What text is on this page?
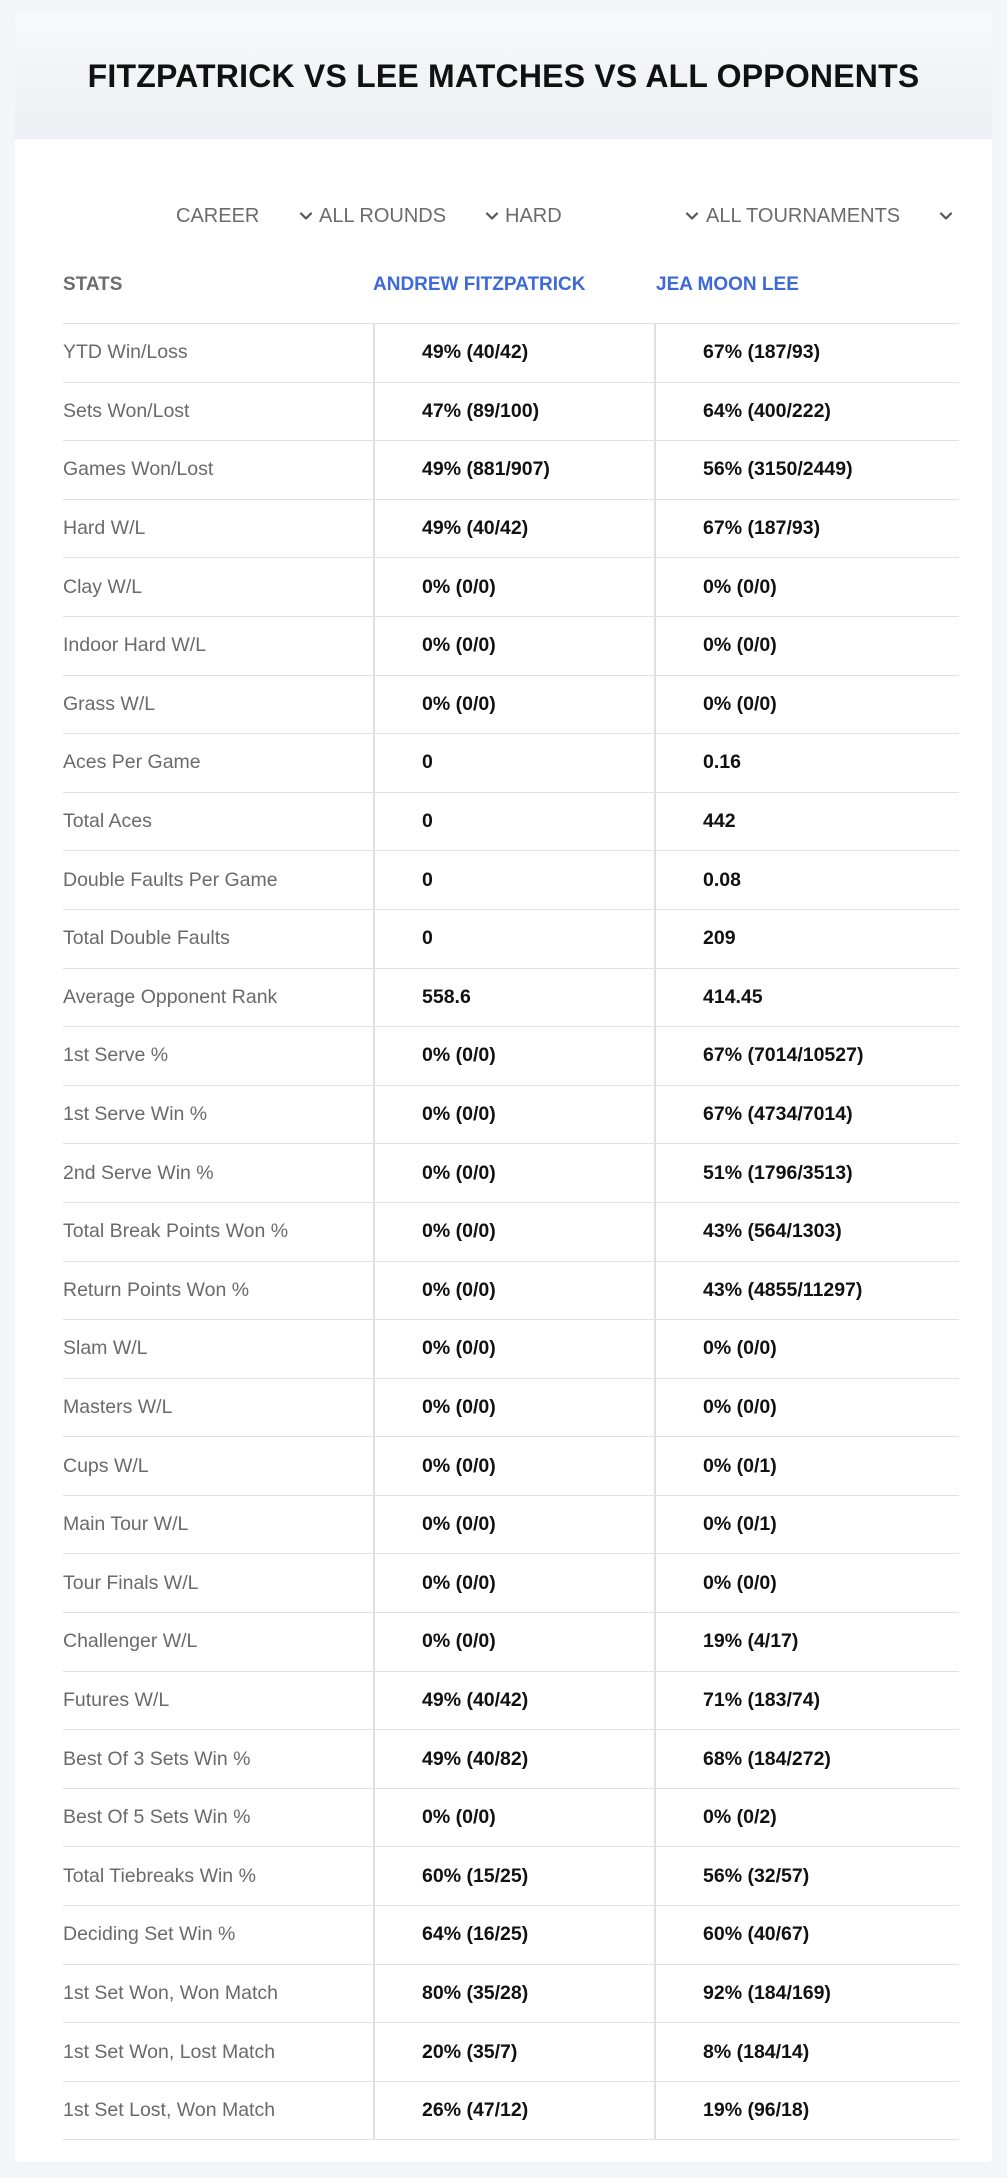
FITZPATRICK VS LEE MATCHES VS ALL OPPONENTS
CAREER	ALL ROUNDS	HARD	ALL TOURNAMENTS
STATS	ANDREW FITZPATRICK	JEA MOON LEE
YTD Win/Loss	49% (40/42)	67% (187/93)
Sets Won/Lost	47% (89/100)	64% (400/222)
Games Won/Lost	49% (881/907)	56% (3150/2449)
Hard W/L	49% (40/42)	67% (187/93)
Clay W/L	0% (0/0)	0% (0/0)
Indoor Hard W/L	0% (0/0)	0% (0/0)
Grass W/L	0% (0/0)	0% (0/0)
Aces Per Game	0	0.16
Total Aces	0	442
Double Faults Per Game	0	0.08
Total Double Faults	0	209
Average Opponent Rank	558.6	414.45
1st Serve %	0% (0/0)	67% (7014/10527)
1st Serve Win %	0% (0/0)	67% (4734/7014)
2nd Serve Win %	0% (0/0)	51% (1796/3513)
Total Break Points Won %	0% (0/0)	43% (564/1303)
Return Points Won %	0% (0/0)	43% (4855/11297)
Slam W/L	0% (0/0)	0% (0/0)
Masters W/L	0% (0/0)	0% (0/0)
Cups W/L	0% (0/0)	0% (0/1)
Main Tour W/L	0% (0/0)	0% (0/1)
Tour Finals W/L	0% (0/0)	0% (0/0)
Challenger W/L	0% (0/0)	19% (4/17)
Futures W/L	49% (40/42)	71% (183/74)
Best Of 3 Sets Win %	49% (40/82)	68% (184/272)
Best Of 5 Sets Win %	0% (0/0)	0% (0/2)
Total Tiebreaks Win %	60% (15/25)	56% (32/57)
Deciding Set Win %	64% (16/25)	60% (40/67)
1st Set Won, Won Match	80% (35/28)	92% (184/169)
1st Set Won, Lost Match	20% (35/7)	8% (184/14)
1st Set Lost, Won Match	26% (47/12)	19% (96/18)
